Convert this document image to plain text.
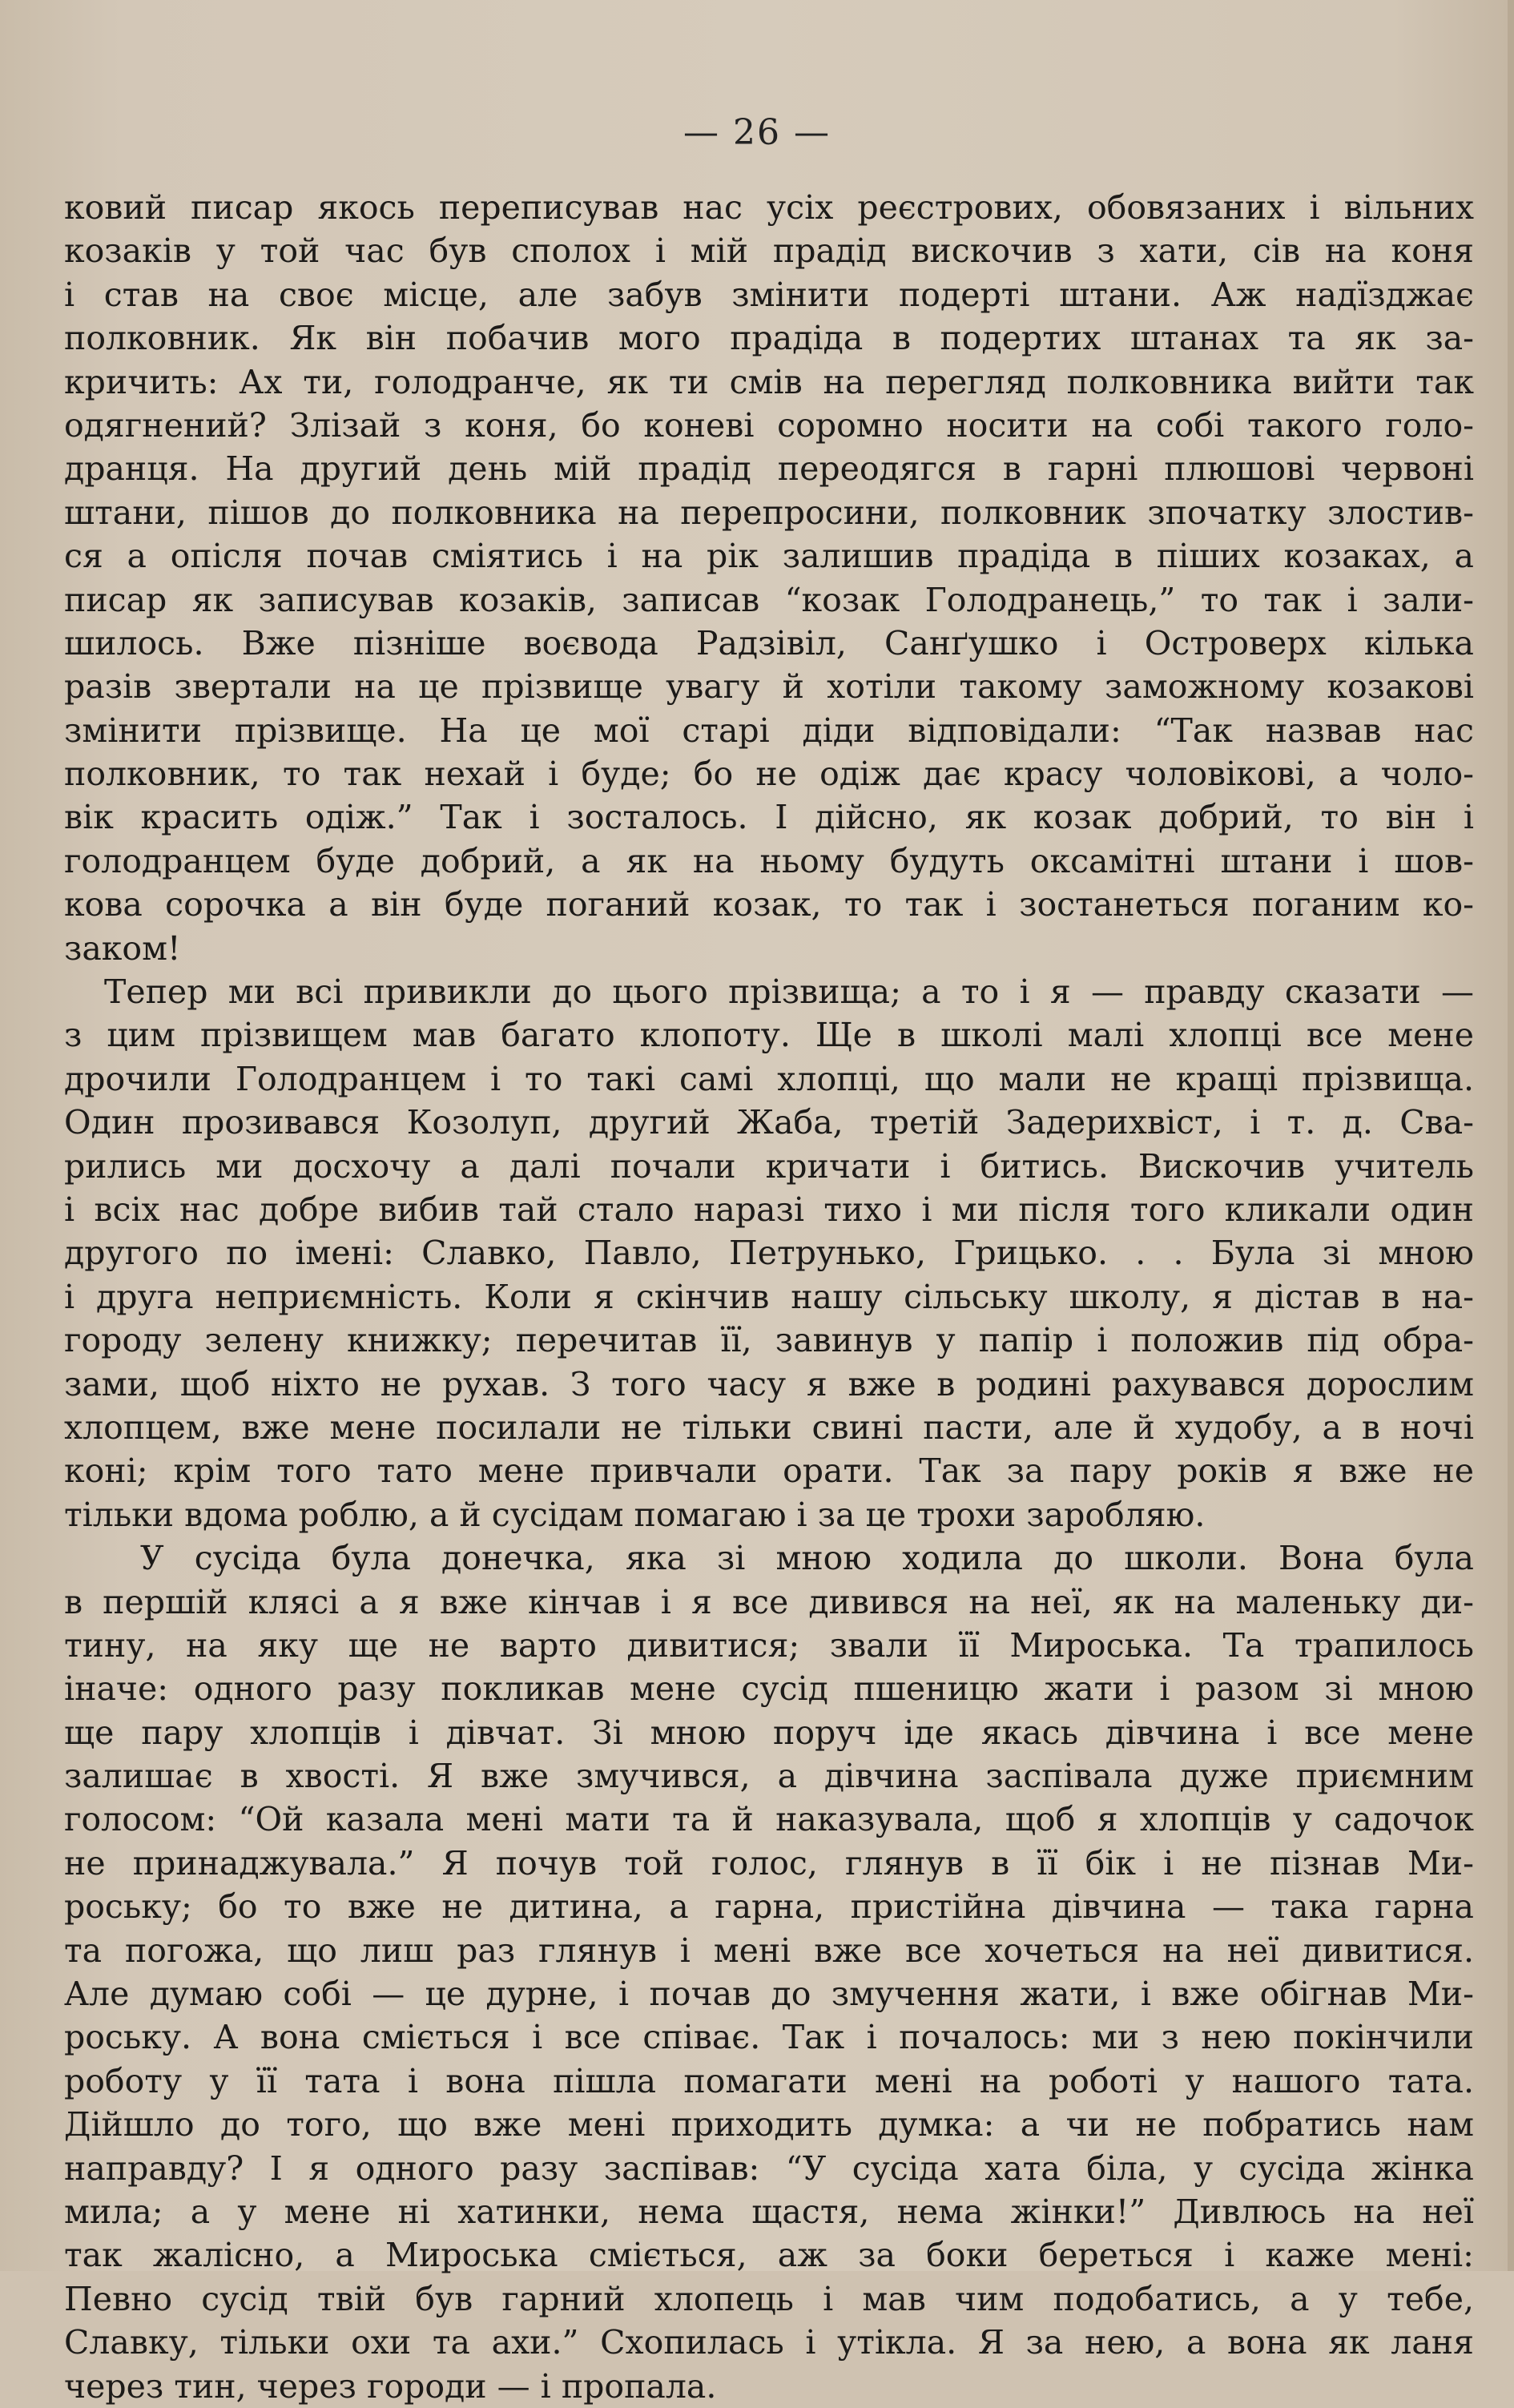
— 26 —
ковий писар якось переписував нас усіх реєстрових, обовязаних і вільних
козаків у той час був сполох і мій прадід вискочив з хати, сів на коня
і став на своє місце, але забув змінити подерті штани. Аж надїзджає
полковник. Як він побачив мого прадіда в подертих штанах та як за-
кричить: Ах ти, голодранче, як ти смів на перегляд полковника вийти так
одягнений? Злізай з коня, бо коневі соромно носити на собі такого голо-
дранця. На другий день мій прадід переодягся в гарні плюшові червоні
штани, пішов до полковника на перепросини, полковник зпочатку злостив-
ся а опісля почав сміятись і на рік залишив прадіда в піших козаках, а
писар як записував козаків, записав “козак Голодранець,” то так і зали-
шилось. Вже пізніше воєвода Радзівіл, Санґушко і Островерх кілька
разів звертали на це прізвище увагу й хотіли такому заможному козакові
змінити прізвище. На це мої старі діди відповідали: “Так назвав нас
полковник, то так нехай і буде; бо не одіж дає красу чоловікові, а чоло-
вік красить одіж.” Так і зосталось. І дійсно, як козак добрий, то він і
голодранцем буде добрий, а як на ньому будуть оксамітні штани і шов-
кова сорочка а він буде поганий козак, то так і зостанеться поганим ко-
заком!
Тепер ми всі привикли до цього прізвища; а то і я — правду сказати —
з цим прізвищем мав багато клопоту. Ще в школі малі хлопці все мене
дрочили Голодранцем і то такі самі хлопці, що мали не кращі прізвища.
Один прозивався Козолуп, другий Жаба, третій Задерихвіст, і т. д. Сва-
рились ми досхочу а далі почали кричати і битись. Вискочив учитель
і всіх нас добре вибив тай стало наразі тихо і ми після того кликали один
другого по імені: Славко, Павло, Петрунько, Грицько. . . Була зі мною
і друга неприємність. Коли я скінчив нашу сільську школу, я дістав в на-
городу зелену книжку; перечитав її, завинув у папір і положив під обра-
зами, щоб ніхто не рухав. З того часу я вже в родині рахувався дорослим
хлопцем, вже мене посилали не тільки свині пасти, але й худобу, а в ночі
коні; крім того тато мене привчали орати. Так за пару років я вже не
тільки вдома роблю, а й сусідам помагаю і за це трохи заробляю.
У сусіда була донечка, яка зі мною ходила до школи. Вона була
в першій клясі а я вже кінчав і я все дивився на неї, як на маленьку ди-
тину, на яку ще не варто дивитися; звали її Мироська. Та трапилось
іначе: одного разу покликав мене сусід пшеницю жати і разом зі мною
ще пару хлопців і дівчат. Зі мною поруч іде якась дівчина і все мене
залишає в хвості. Я вже змучився, а дівчина заспівала дуже приємним
голосом: “Ой казала мені мати та й наказувала, щоб я хлопців у садочок
не принаджувала.” Я почув той голос, глянув в її бік і не пізнав Ми-
роську; бо то вже не дитина, а гарна, пристійна дівчина — така гарна
та погожа, що лиш раз глянув і мені вже все хочеться на неї дивитися.
Але думаю собі — це дурне, і почав до змучення жати, і вже обігнав Ми-
роську. А вона сміється і все співає. Так і почалось: ми з нею покінчили
роботу у її тата і вона пішла помагати мені на роботі у нашого тата.
Дійшло до того, що вже мені приходить думка: а чи не побратись нам
направду? І я одного разу заспівав: “У сусіда хата біла, у сусіда жінка
мила; а у мене ні хатинки, нема щастя, нема жінки!” Дивлюсь на неї
так жалісно, а Мироська сміється, аж за боки береться і каже мені:
Певно сусід твій був гарний хлопець і мав чим подобатись, а у тебе,
Славку, тільки охи та ахи.” Схопилась і утікла. Я за нею, а вона як ланя
через тин, через городи — і пропала.
